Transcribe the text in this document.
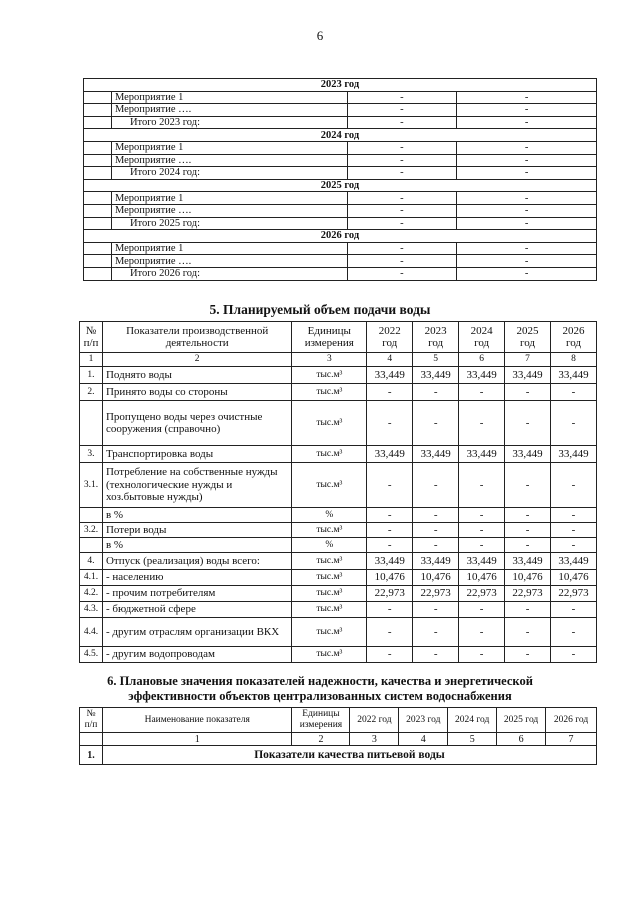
6
2023 год			
	Мероприятие 1	-	-
	Мероприятие ….	-	-
	Итого 2023 год:	-	-
2024 год			
	Мероприятие 1	-	-
	Мероприятие ….	-	-
	Итого 2024 год:	-	-
2025 год			
	Мероприятие 1	-	-
	Мероприятие ….	-	-
	Итого 2025 год:	-	-
2026 год			
	Мероприятие 1	-	-
	Мероприятие ….	-	-
	Итого 2026 год:	-	-
5. Планируемый объем подачи воды
№ п/п	Показатели производственной деятельности	Единицы измерения	2022 год	2023 год	2024 год	2025 год	2026 год
1	2	3	4	5	6	7	8
1.	Поднято воды	тыс.м³	33,449	33,449	33,449	33,449	33,449
2.	Принято воды со стороны	тыс.м³	-	-	-	-	-
	Пропущено воды через очистные сооружения (справочно)	тыс.м³	-	-	-	-	-
3.	Транспортировка воды	тыс.м³	33,449	33,449	33,449	33,449	33,449
3.1.	Потребление на собственные нужды (технологические нужды и хоз.бытовые нужды)	тыс.м³	-	-	-	-	-
	в %	%	-	-	-	-	-
3.2.	Потери воды	тыс.м³	-	-	-	-	-
	в %	%	-	-	-	-	-
4.	Отпуск (реализация) воды всего:	тыс.м³	33,449	33,449	33,449	33,449	33,449
4.1.	- населению	тыс.м³	10,476	10,476	10,476	10,476	10,476
4.2.	- прочим потребителям	тыс.м³	22,973	22,973	22,973	22,973	22,973
4.3.	- бюджетной сфере	тыс.м³	-	-	-	-	-
4.4.	- другим отраслям организации ВКХ	тыс.м³	-	-	-	-	-
4.5.	- другим водопроводам	тыс.м³	-	-	-	-	-
6. Плановые значения показателей надежности, качества и энергетической
эффективности объектов централизованных систем водоснабжения
№ п/п	Наименование показателя	Единицы измерения	2022 год	2023 год	2024 год	2025 год	2026 год
	1	2	3	4	5	6	7
1.	Показатели качества питьевой воды						
